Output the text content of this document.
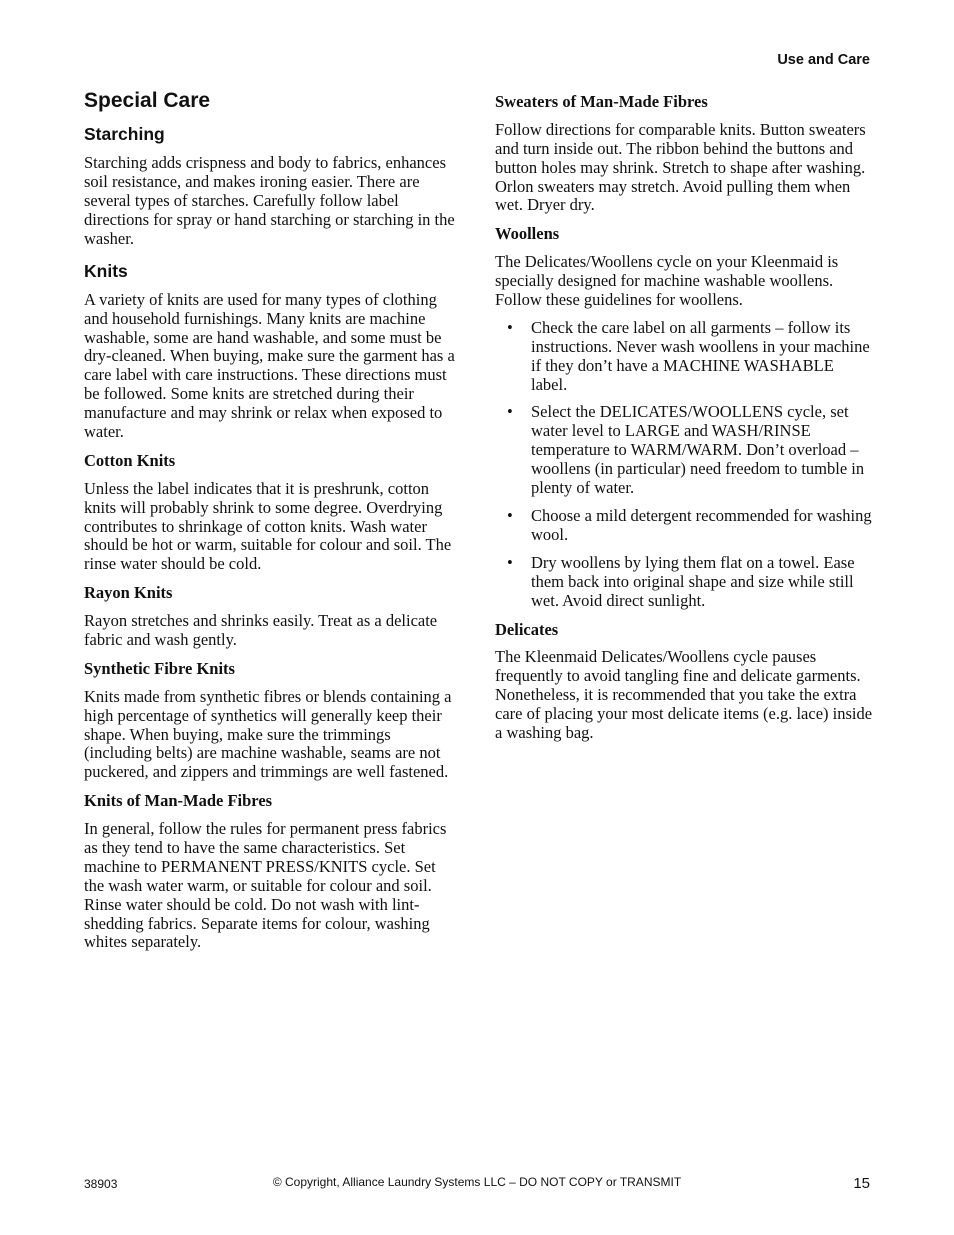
Use and Care
Special Care
Starching

Starching adds crispness and body to fabrics, enhances soil resistance, and makes ironing easier. There are several types of starches. Carefully follow label directions for spray or hand starching or starching in the washer.

Knits

A variety of knits are used for many types of clothing and household furnishings. Many knits are machine washable, some are hand washable, and some must be dry-cleaned. When buying, make sure the garment has a care label with care instructions. These directions must be followed. Some knits are stretched during their manufacture and may shrink or relax when exposed to water.

Cotton Knits

Unless the label indicates that it is preshrunk, cotton knits will probably shrink to some degree. Overdrying contributes to shrinkage of cotton knits. Wash water should be hot or warm, suitable for colour and soil. The rinse water should be cold.

Rayon Knits

Rayon stretches and shrinks easily. Treat as a delicate fabric and wash gently.

Synthetic Fibre Knits

Knits made from synthetic fibres or blends containing a high percentage of synthetics will generally keep their shape. When buying, make sure the trimmings (including belts) are machine washable, seams are not puckered, and zippers and trimmings are well fastened.

Knits of Man-Made Fibres

In general, follow the rules for permanent press fabrics as they tend to have the same characteristics. Set machine to PERMANENT PRESS/KNITS cycle. Set the wash water warm, or suitable for colour and soil. Rinse water should be cold. Do not wash with lint-shedding fabrics. Separate items for colour, washing whites separately.

Sweaters of Man-Made Fibres

Follow directions for comparable knits. Button sweaters and turn inside out. The ribbon behind the buttons and button holes may shrink. Stretch to shape after washing. Orlon sweaters may stretch. Avoid pulling them when wet. Dryer dry.

Woollens

The Delicates/Woollens cycle on your Kleenmaid is specially designed for machine washable woollens. Follow these guidelines for woollens.

• Check the care label on all garments – follow its instructions. Never wash woollens in your machine if they don’t have a MACHINE WASHABLE label.
• Select the DELICATES/WOOLLENS cycle, set water level to LARGE and WASH/RINSE temperature to WARM/WARM. Don’t overload – woollens (in particular) need freedom to tumble in plenty of water.
• Choose a mild detergent recommended for washing wool.
• Dry woollens by lying them flat on a towel. Ease them back into original shape and size while still wet. Avoid direct sunlight.
Delicates

The Kleenmaid Delicates/Woollens cycle pauses frequently to avoid tangling fine and delicate garments. Nonetheless, it is recommended that you take the extra care of placing your most delicate items (e.g. lace) inside a washing bag.

38903	© Copyright, Alliance Laundry Systems LLC – DO NOT COPY or TRANSMIT	15
